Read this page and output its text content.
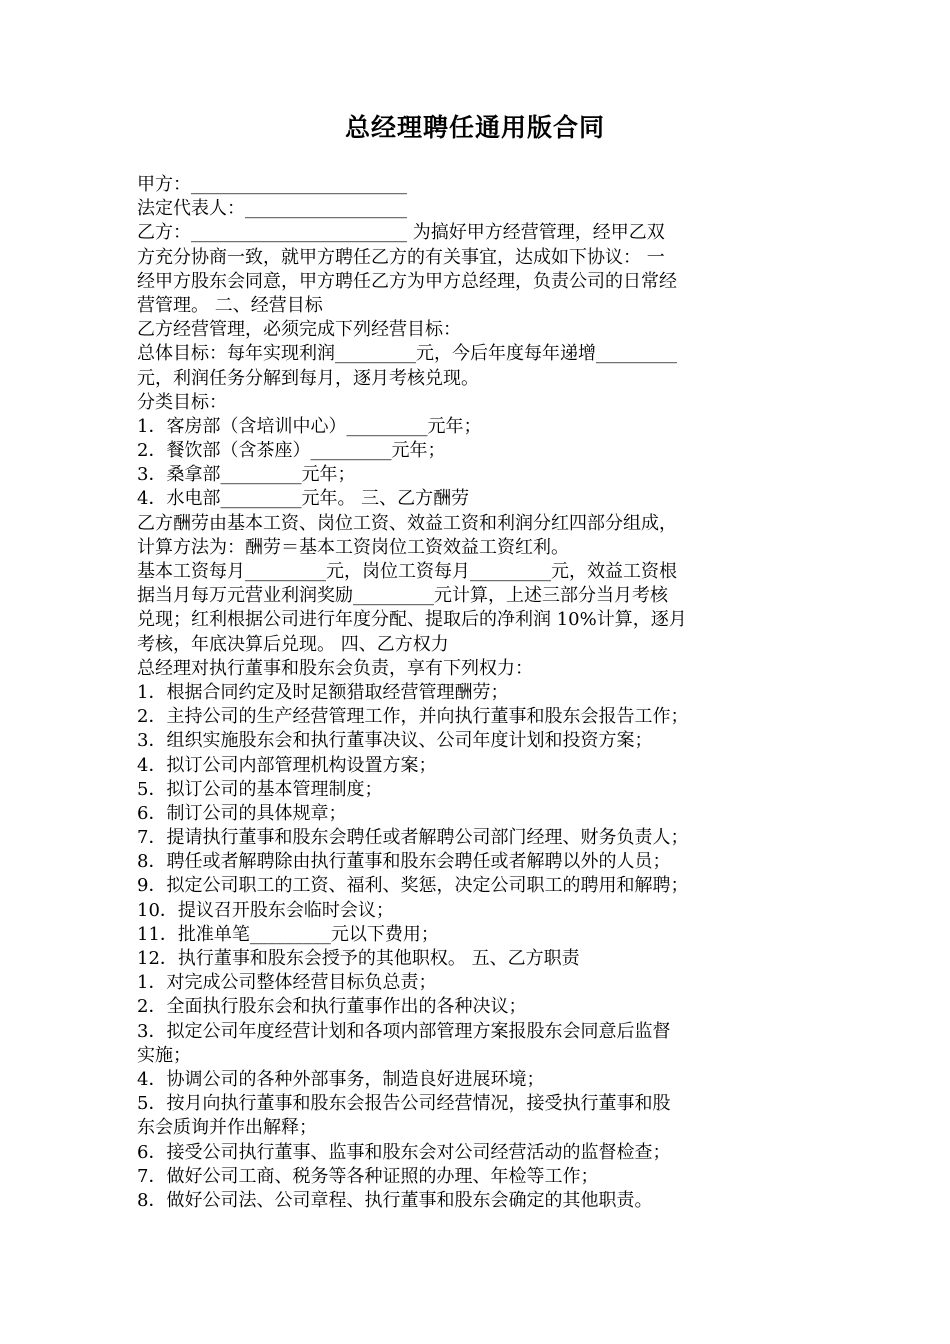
总经理聘任通用版合同
甲方：________________________
法定代表人：__________________
乙方：________________________ 为搞好甲方经营管理，经甲乙双
方充分协商一致，就甲方聘任乙方的有关事宜，达成如下协议： 一
经甲方股东会同意，甲方聘任乙方为甲方总经理，负责公司的日常经
营管理。 二、经营目标
乙方经营管理，必须完成下列经营目标：
总体目标：每年实现利润_________元，今后年度每年递增_________
元，利润任务分解到每月，逐月考核兑现。
分类目标：
1．客房部（含培训中心）_________元年；
2．餐饮部（含茶座）_________元年；
3．桑拿部_________元年；
4．水电部_________元年。 三、乙方酬劳
乙方酬劳由基本工资、岗位工资、效益工资和利润分红四部分组成，
计算方法为：酬劳＝基本工资岗位工资效益工资红利。
基本工资每月_________元，岗位工资每月_________元，效益工资根
据当月每万元营业利润奖励_________元计算，上述三部分当月考核
兑现；红利根据公司进行年度分配、提取后的净利润 10%计算，逐月
考核，年底决算后兑现。 四、乙方权力
总经理对执行董事和股东会负责，享有下列权力：
1．根据合同约定及时足额猎取经营管理酬劳；
2．主持公司的生产经营管理工作，并向执行董事和股东会报告工作；
3．组织实施股东会和执行董事决议、公司年度计划和投资方案；
4．拟订公司内部管理机构设置方案；
5．拟订公司的基本管理制度；
6．制订公司的具体规章；
7．提请执行董事和股东会聘任或者解聘公司部门经理、财务负责人；
8．聘任或者解聘除由执行董事和股东会聘任或者解聘以外的人员；
9．拟定公司职工的工资、福利、奖惩，决定公司职工的聘用和解聘；
10．提议召开股东会临时会议；
11．批准单笔_________元以下费用；
12．执行董事和股东会授予的其他职权。 五、乙方职责
1．对完成公司整体经营目标负总责；
2．全面执行股东会和执行董事作出的各种决议；
3．拟定公司年度经营计划和各项内部管理方案报股东会同意后监督
实施；
4．协调公司的各种外部事务，制造良好进展环境；
5．按月向执行董事和股东会报告公司经营情况，接受执行董事和股
东会质询并作出解释；
6．接受公司执行董事、监事和股东会对公司经营活动的监督检查；
7．做好公司工商、税务等各种证照的办理、年检等工作；
8．做好公司法、公司章程、执行董事和股东会确定的其他职责。
